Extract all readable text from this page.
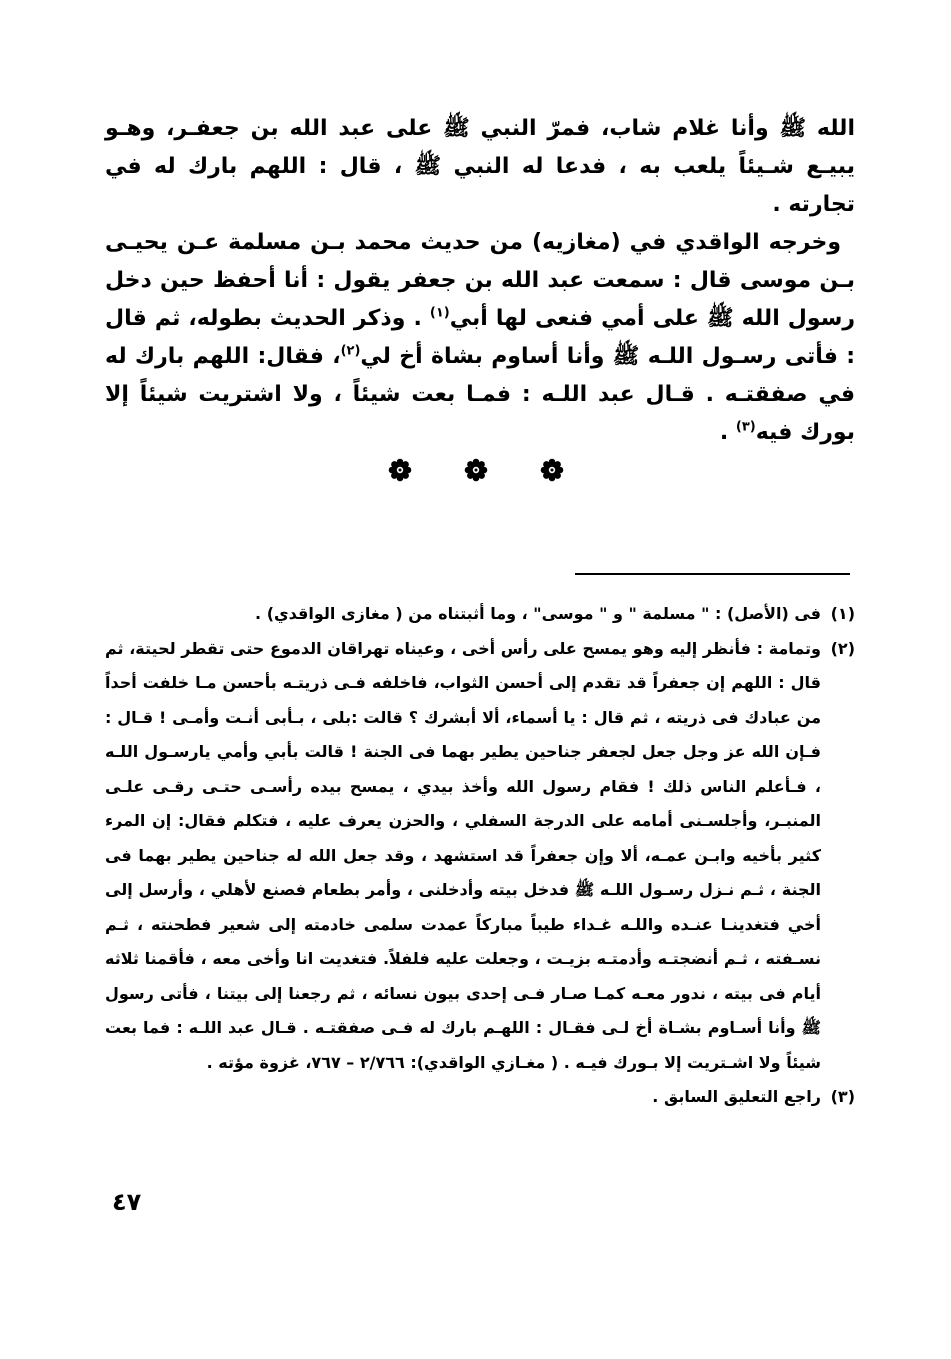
الله ﷺ وأنا غلام شاب، فمرّ النبي ﷺ على عبد الله بن جعفـر، وهـو يبيـع شـيئاً يلعب به ، فدعا له النبي ﷺ ، قال : اللهم بارك له في تجارته .

وخرجه الواقدي في (مغازيه) من حديث محمد بـن مسلمة عـن يحيـى بـن موسى قال : سمعت عبد الله بن جعفر يقول : أنا أحفظ حين دخل رسول الله ﷺ على أمي فنعى لها أبي$^{(١)}$ . وذكر الحديث بطوله، ثم قال : فأتى رسـول اللـه ﷺ وأنا أساوم بشاة أخ لي$^{(٢)}$، فقال: اللهم بارك له في صفقتـه . قـال عبد اللـه : فمـا بعت شيئاً ، ولا اشتريت شيئاً إلا بورك فيه$^{(٣)}$ .

(١)
فى (الأصل) : " مسلمة " و " موسى" ، وما أثبتناه من ( مغازى الواقدي) .
(٢)
وتمامة : فأنظر إليه وهو يمسح على رأس أخى ، وعيناه تهراقان الدموع حتى تقطر لحيتة، ثم قال : اللهم إن جعفراً قد تقدم إلى أحسن الثواب، فاخلفه فـى ذريتـه بأحسن مـا خلفت أحداً من عبادك فى ذريته ، ثم قال : يا أسماء، ألا أبشرك ؟ قالت :بلى ، بـأبى أنـت وأمـى ! قـال : فـإن الله عز وجل جعل لجعفر جناحين يطير بهما فى الجنة ! قالت بأبي وأمي يارسـول اللـه ، فـأعلم الناس ذلك ! فقام رسول الله وأخذ بيدي ، يمسح بيده رأسـى حتـى رقـى علـى المنبـر، وأجلسـنى أمامه على الدرجة السفلي ، والحزن يعرف عليه ، فتكلم فقال: إن المرء كثير بأخيه وابـن عمـه، ألا وإن جعفراً قد استشهد ، وقد جعل الله له جناحين يطير بهما فى الجنة ، ثـم نـزل رسـول اللـه ﷺ فدخل بيته وأدخلنى ، وأمر بطعام فصنع لأهلي ، وأرسل إلى أخي فتغدينـا عنـده واللـه غـداء طيباً مباركاً عمدت سلمى خادمته إلى شعير فطحنته ، ثـم نسـفته ، ثـم أنضجتـه وأدمتـه بزيـت ، وجعلت عليه فلفلاً. فتغديت انا وأخى معه ، فأقمنا ثلاثه أيام فى بيته ، ندور معـه كمـا صـار فـى إحدى بيون نسائه ، ثم رجعنا إلى بيتنا ، فأتى رسول ﷺ وأنا أسـاوم بشـاة أخ لـى فقـال : اللهـم بارك له فـى صفقتـه . قـال عبد اللـه : فما بعت شيئاً ولا اشـتريت إلا بـورك فيـه . ( مغـازي الواقدي): ٢/٧٦٦ – ٧٦٧، غزوة مؤته .
(٣)
راجع التعليق السابق .
٤٧
